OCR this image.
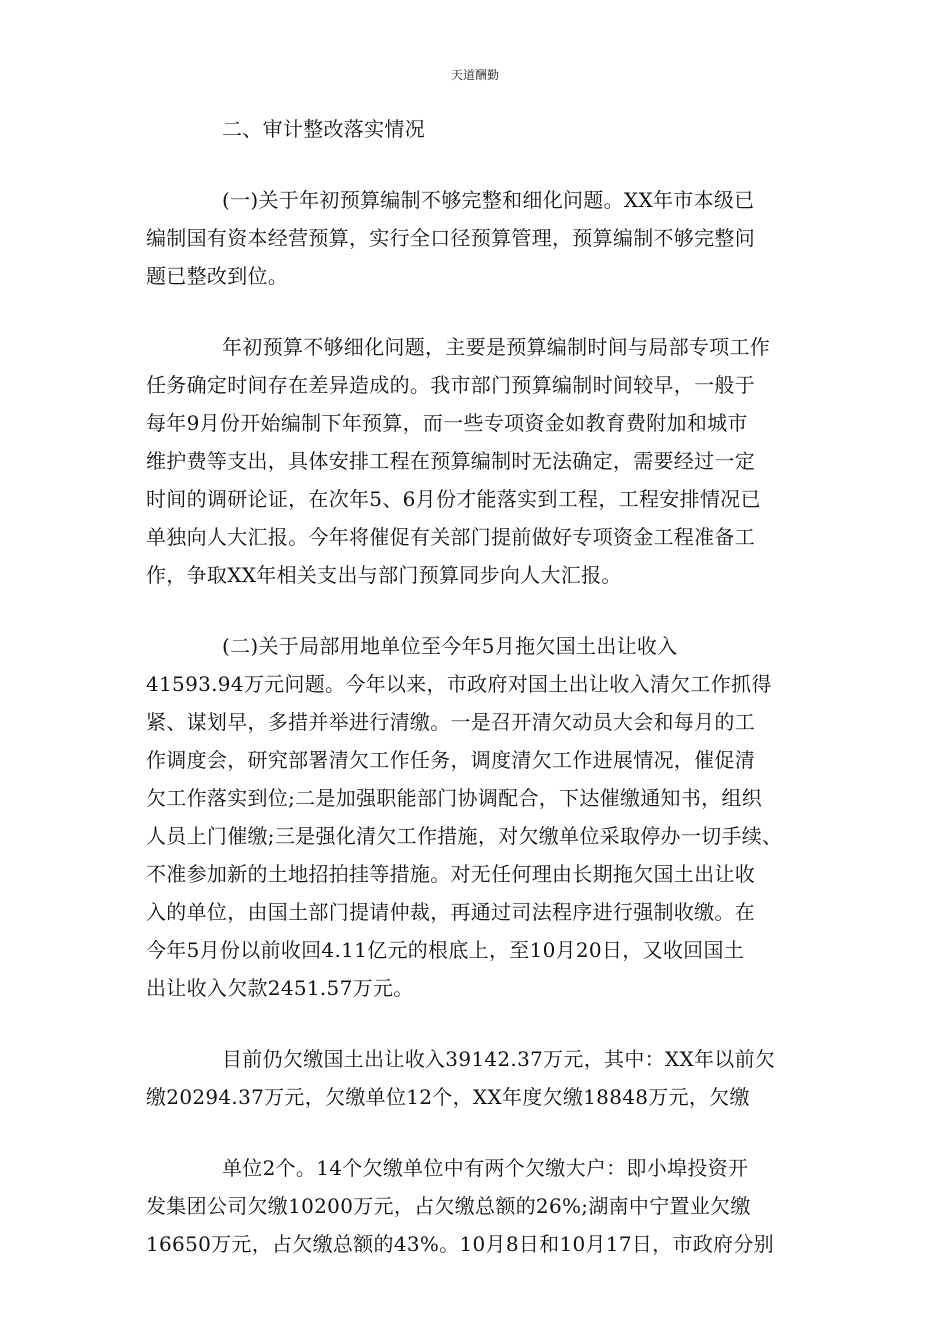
天道酬勤
二、审计整改落实情况
(一)关于年初预算编制不够完整和细化问题。XX年市本级已
编制国有资本经营预算，实行全口径预算管理，预算编制不够完整问
题已整改到位。
年初预算不够细化问题，主要是预算编制时间与局部专项工作
任务确定时间存在差异造成的。我市部门预算编制时间较早，一般于
每年9月份开始编制下年预算，而一些专项资金如教育费附加和城市
维护费等支出，具体安排工程在预算编制时无法确定，需要经过一定
时间的调研论证，在次年5、6月份才能落实到工程，工程安排情况已
单独向人大汇报。今年将催促有关部门提前做好专项资金工程准备工
作，争取XX年相关支出与部门预算同步向人大汇报。
(二)关于局部用地单位至今年5月拖欠国土出让收入
41593.94万元问题。今年以来，市政府对国土出让收入清欠工作抓得
紧、谋划早，多措并举进行清缴。一是召开清欠动员大会和每月的工
作调度会，研究部署清欠工作任务，调度清欠工作进展情况，催促清
欠工作落实到位;二是加强职能部门协调配合，下达催缴通知书，组织
人员上门催缴;三是强化清欠工作措施，对欠缴单位采取停办一切手续、
不准参加新的土地招拍挂等措施。对无任何理由长期拖欠国土出让收
入的单位，由国土部门提请仲裁，再通过司法程序进行强制收缴。在
今年5月份以前收回4.11亿元的根底上，至10月20日，又收回国土
出让收入欠款2451.57万元。
目前仍欠缴国土出让收入39142.37万元，其中：XX年以前欠
缴20294.37万元，欠缴单位12个，XX年度欠缴18848万元，欠缴
单位2个。14个欠缴单位中有两个欠缴大户：即小埠投资开
发集团公司欠缴10200万元，占欠缴总额的26%;湖南中宁置业欠缴
16650万元，占欠缴总额的43%。10月8日和10月17日，市政府分别
